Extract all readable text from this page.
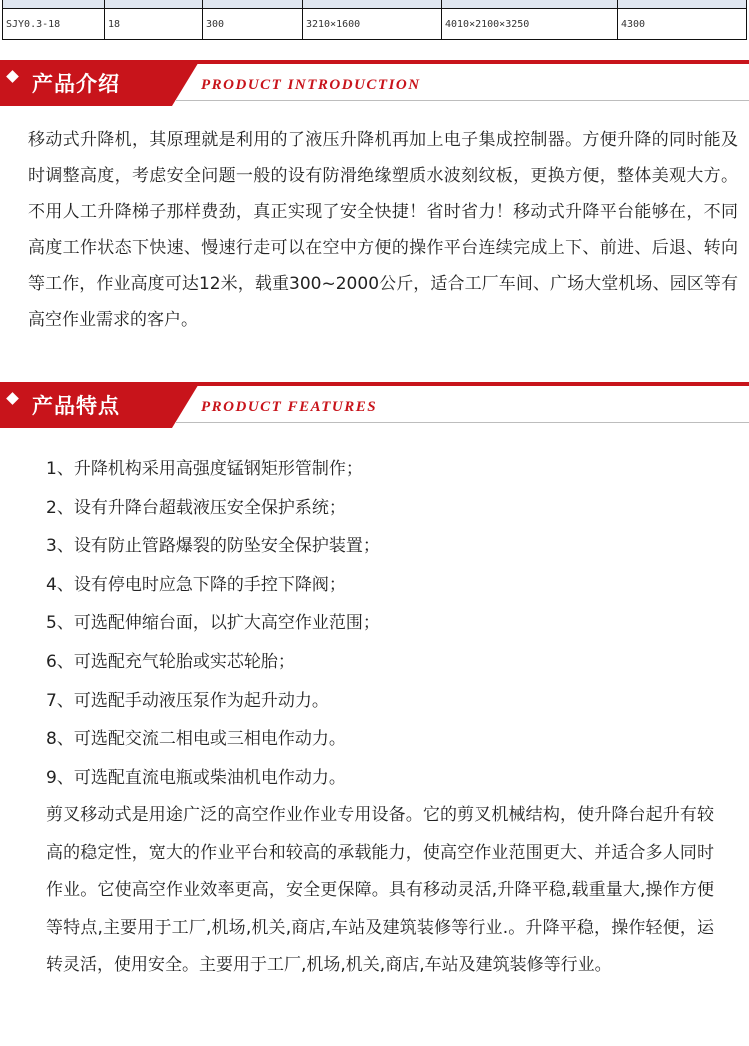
SJY0.3-18	18	300	3210×1600	4010×2100×3250	4300
产品介绍	PRODUCT INTRODUCTION

移动式升降机，其原理就是利用的了液压升降机再加上电子集成控制器。方便升降的同时能及时调整高度，考虑安全问题一般的设有防滑绝缘塑质水波刻纹板，更换方便，整体美观大方。不用人工升降梯子那样费劲，真正实现了安全快捷！省时省力！移动式升降平台能够在，不同高度工作状态下快速、慢速行走可以在空中方便的操作平台连续完成上下、前进、后退、转向等工作，作业高度可达12米，载重300~2000公斤，适合工厂车间、广场大堂机场、园区等有高空作业需求的客户。

产品特点	PRODUCT FEATURES
1、升降机构采用高强度锰钢矩形管制作；
2、设有升降台超载液压安全保护系统；
3、设有防止管路爆裂的防坠安全保护装置；
4、设有停电时应急下降的手控下降阀；
5、可选配伸缩台面，以扩大高空作业范围；
6、可选配充气轮胎或实芯轮胎；
7、可选配手动液压泵作为起升动力。
8、可选配交流二相电或三相电作动力。
9、可选配直流电瓶或柴油机电作动力。

剪叉移动式是用途广泛的高空作业作业专用设备。它的剪叉机械结构，使升降台起升有较高的稳定性，宽大的作业平台和较高的承载能力，使高空作业范围更大、并适合多人同时作业。它使高空作业效率更高，安全更保障。具有移动灵活,升降平稳,载重量大,操作方便等特点,主要用于工厂,机场,机关,商店,车站及建筑装修等行业.。升降平稳，操作轻便，运转灵活，使用安全。主要用于工厂,机场,机关,商店,车站及建筑装修等行业。
